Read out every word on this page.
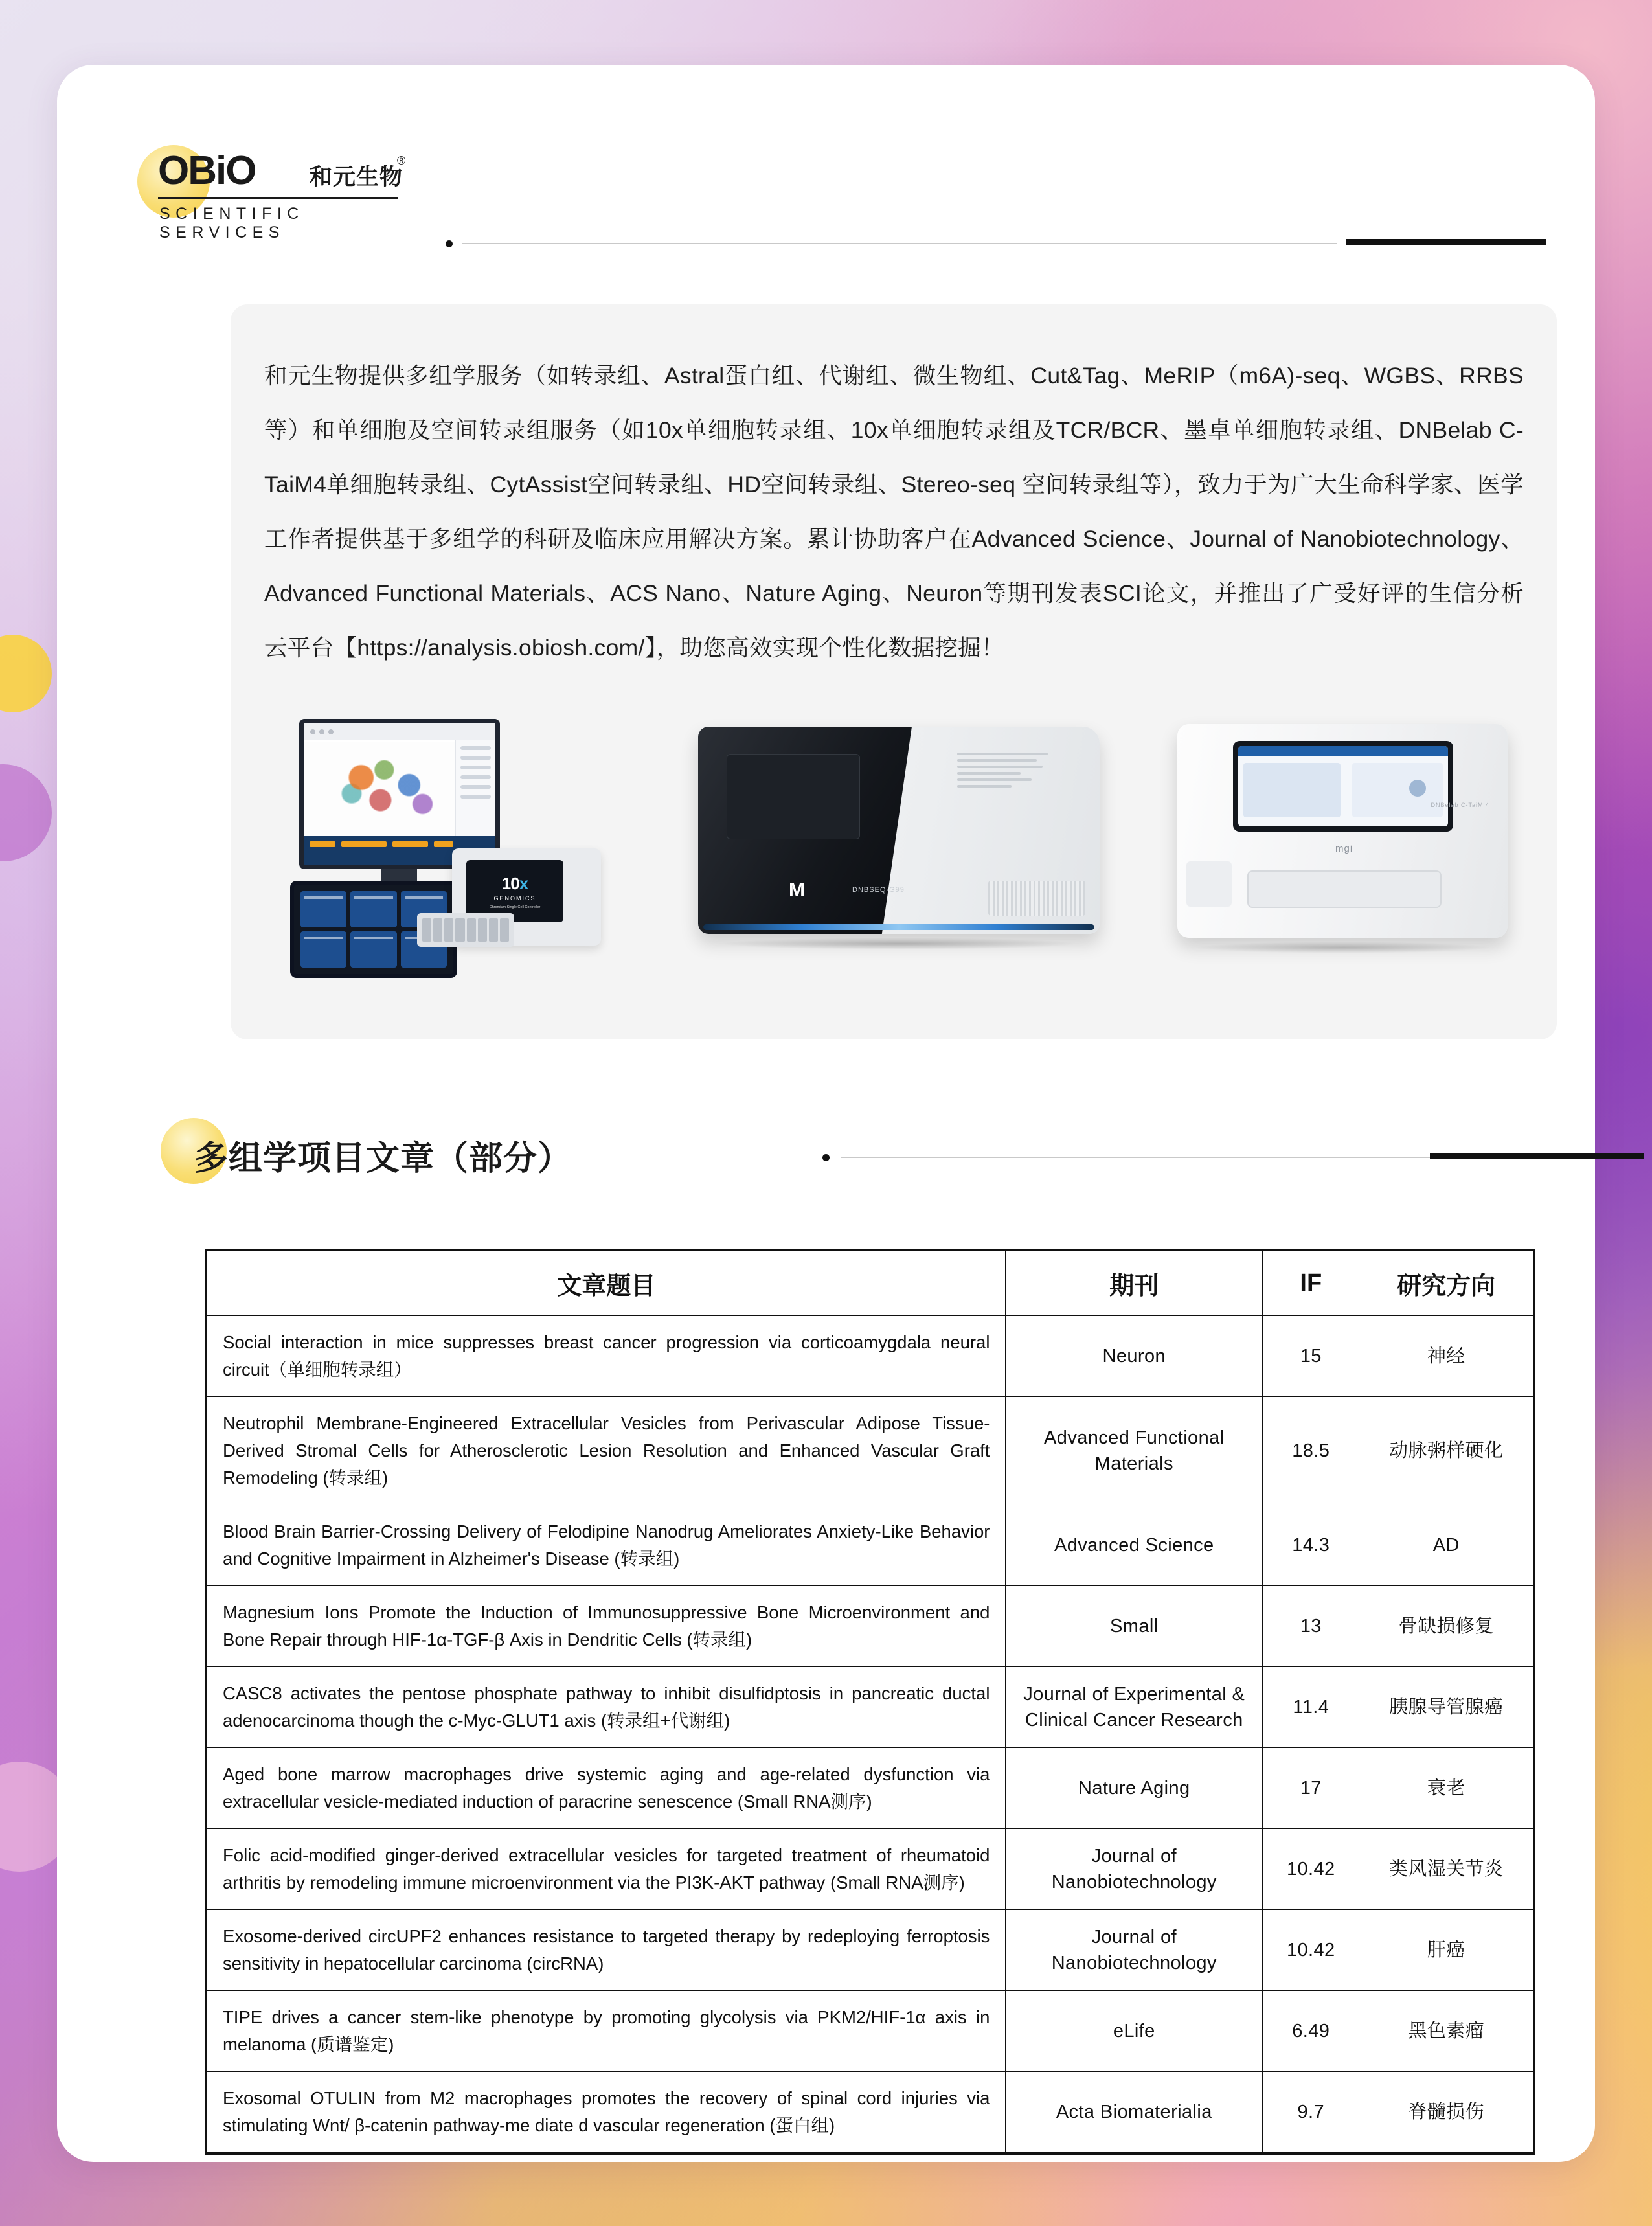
OBiO 和元生物
®
SCIENTIFIC SERVICES
和元生物提供多组学服务（如转录组、Astral蛋白组、代谢组、微生物组、Cut&Tag、MeRIP（m6A)-seq、WGBS、RRBS等）和单细胞及空间转录组服务（如10x单细胞转录组、10x单细胞转录组及TCR/BCR、墨卓单细胞转录组、DNBelab C-TaiM4单细胞转录组、CytAssist空间转录组、HD空间转录组、Stereo-seq 空间转录组等），致力于为广大生命科学家、医学工作者提供基于多组学的科研及临床应用解决方案。累计协助客户在Advanced Science、Journal of Nanobiotechnology、Advanced Functional Materials、ACS Nano、Nature Aging、Neuron等期刊发表SCI论文，并推出了广受好评的生信分析云平台【https://analysis.obiosh.com/】，助您高效实现个性化数据挖掘！
10x
GENOMICS
Chromium Single Cell Controller
M	DNBSEQ-G99
mgi
DNBelab C-TaiM 4
多组学项目文章（部分）
文章题目	期刊	IF	研究方向
Social interaction in mice suppresses breast cancer progression via corticoamygdala neural circuit（单细胞转录组）	Neuron	15	神经
Neutrophil Membrane-Engineered Extracellular Vesicles from Perivascular Adipose Tissue-Derived Stromal Cells for Atherosclerotic Lesion Resolution and Enhanced Vascular Graft Remodeling (转录组)	Advanced Functional Materials	18.5	动脉粥样硬化
Blood Brain Barrier-Crossing Delivery of Felodipine Nanodrug Ameliorates Anxiety-Like Behavior and Cognitive Impairment in Alzheimer's Disease (转录组)	Advanced Science	14.3	AD
Magnesium Ions Promote the Induction of Immunosuppressive Bone Microenvironment and Bone Repair through HIF-1α-TGF-β Axis in Dendritic Cells (转录组)	Small	13	骨缺损修复
CASC8 activates the pentose phosphate pathway to inhibit disulfidptosis in pancreatic ductal adenocarcinoma though the c-Myc-GLUT1 axis (转录组+代谢组)	Journal of Experimental & Clinical Cancer Research	11.4	胰腺导管腺癌
Aged bone marrow macrophages drive systemic aging and age-related dysfunction via extracellular vesicle-mediated induction of paracrine senescence (Small RNA测序)	Nature Aging	17	衰老
Folic acid-modified ginger-derived extracellular vesicles for targeted treatment of rheumatoid arthritis by remodeling immune microenvironment via the PI3K-AKT pathway (Small RNA测序)	Journal of Nanobiotechnology	10.42	类风湿关节炎
Exosome-derived circUPF2 enhances resistance to targeted therapy by redeploying ferroptosis sensitivity in hepatocellular carcinoma (circRNA)	Journal of Nanobiotechnology	10.42	肝癌
TIPE drives a cancer stem-like phenotype by promoting glycolysis via PKM2/HIF-1α axis in melanoma (质谱鉴定)	eLife	6.49	黑色素瘤
Exosomal OTULIN from M2 macrophages promotes the recovery of spinal cord injuries via stimulating Wnt/ β-catenin pathway-me diate d vascular regeneration (蛋白组)	Acta Biomaterialia	9.7	脊髓损伤
